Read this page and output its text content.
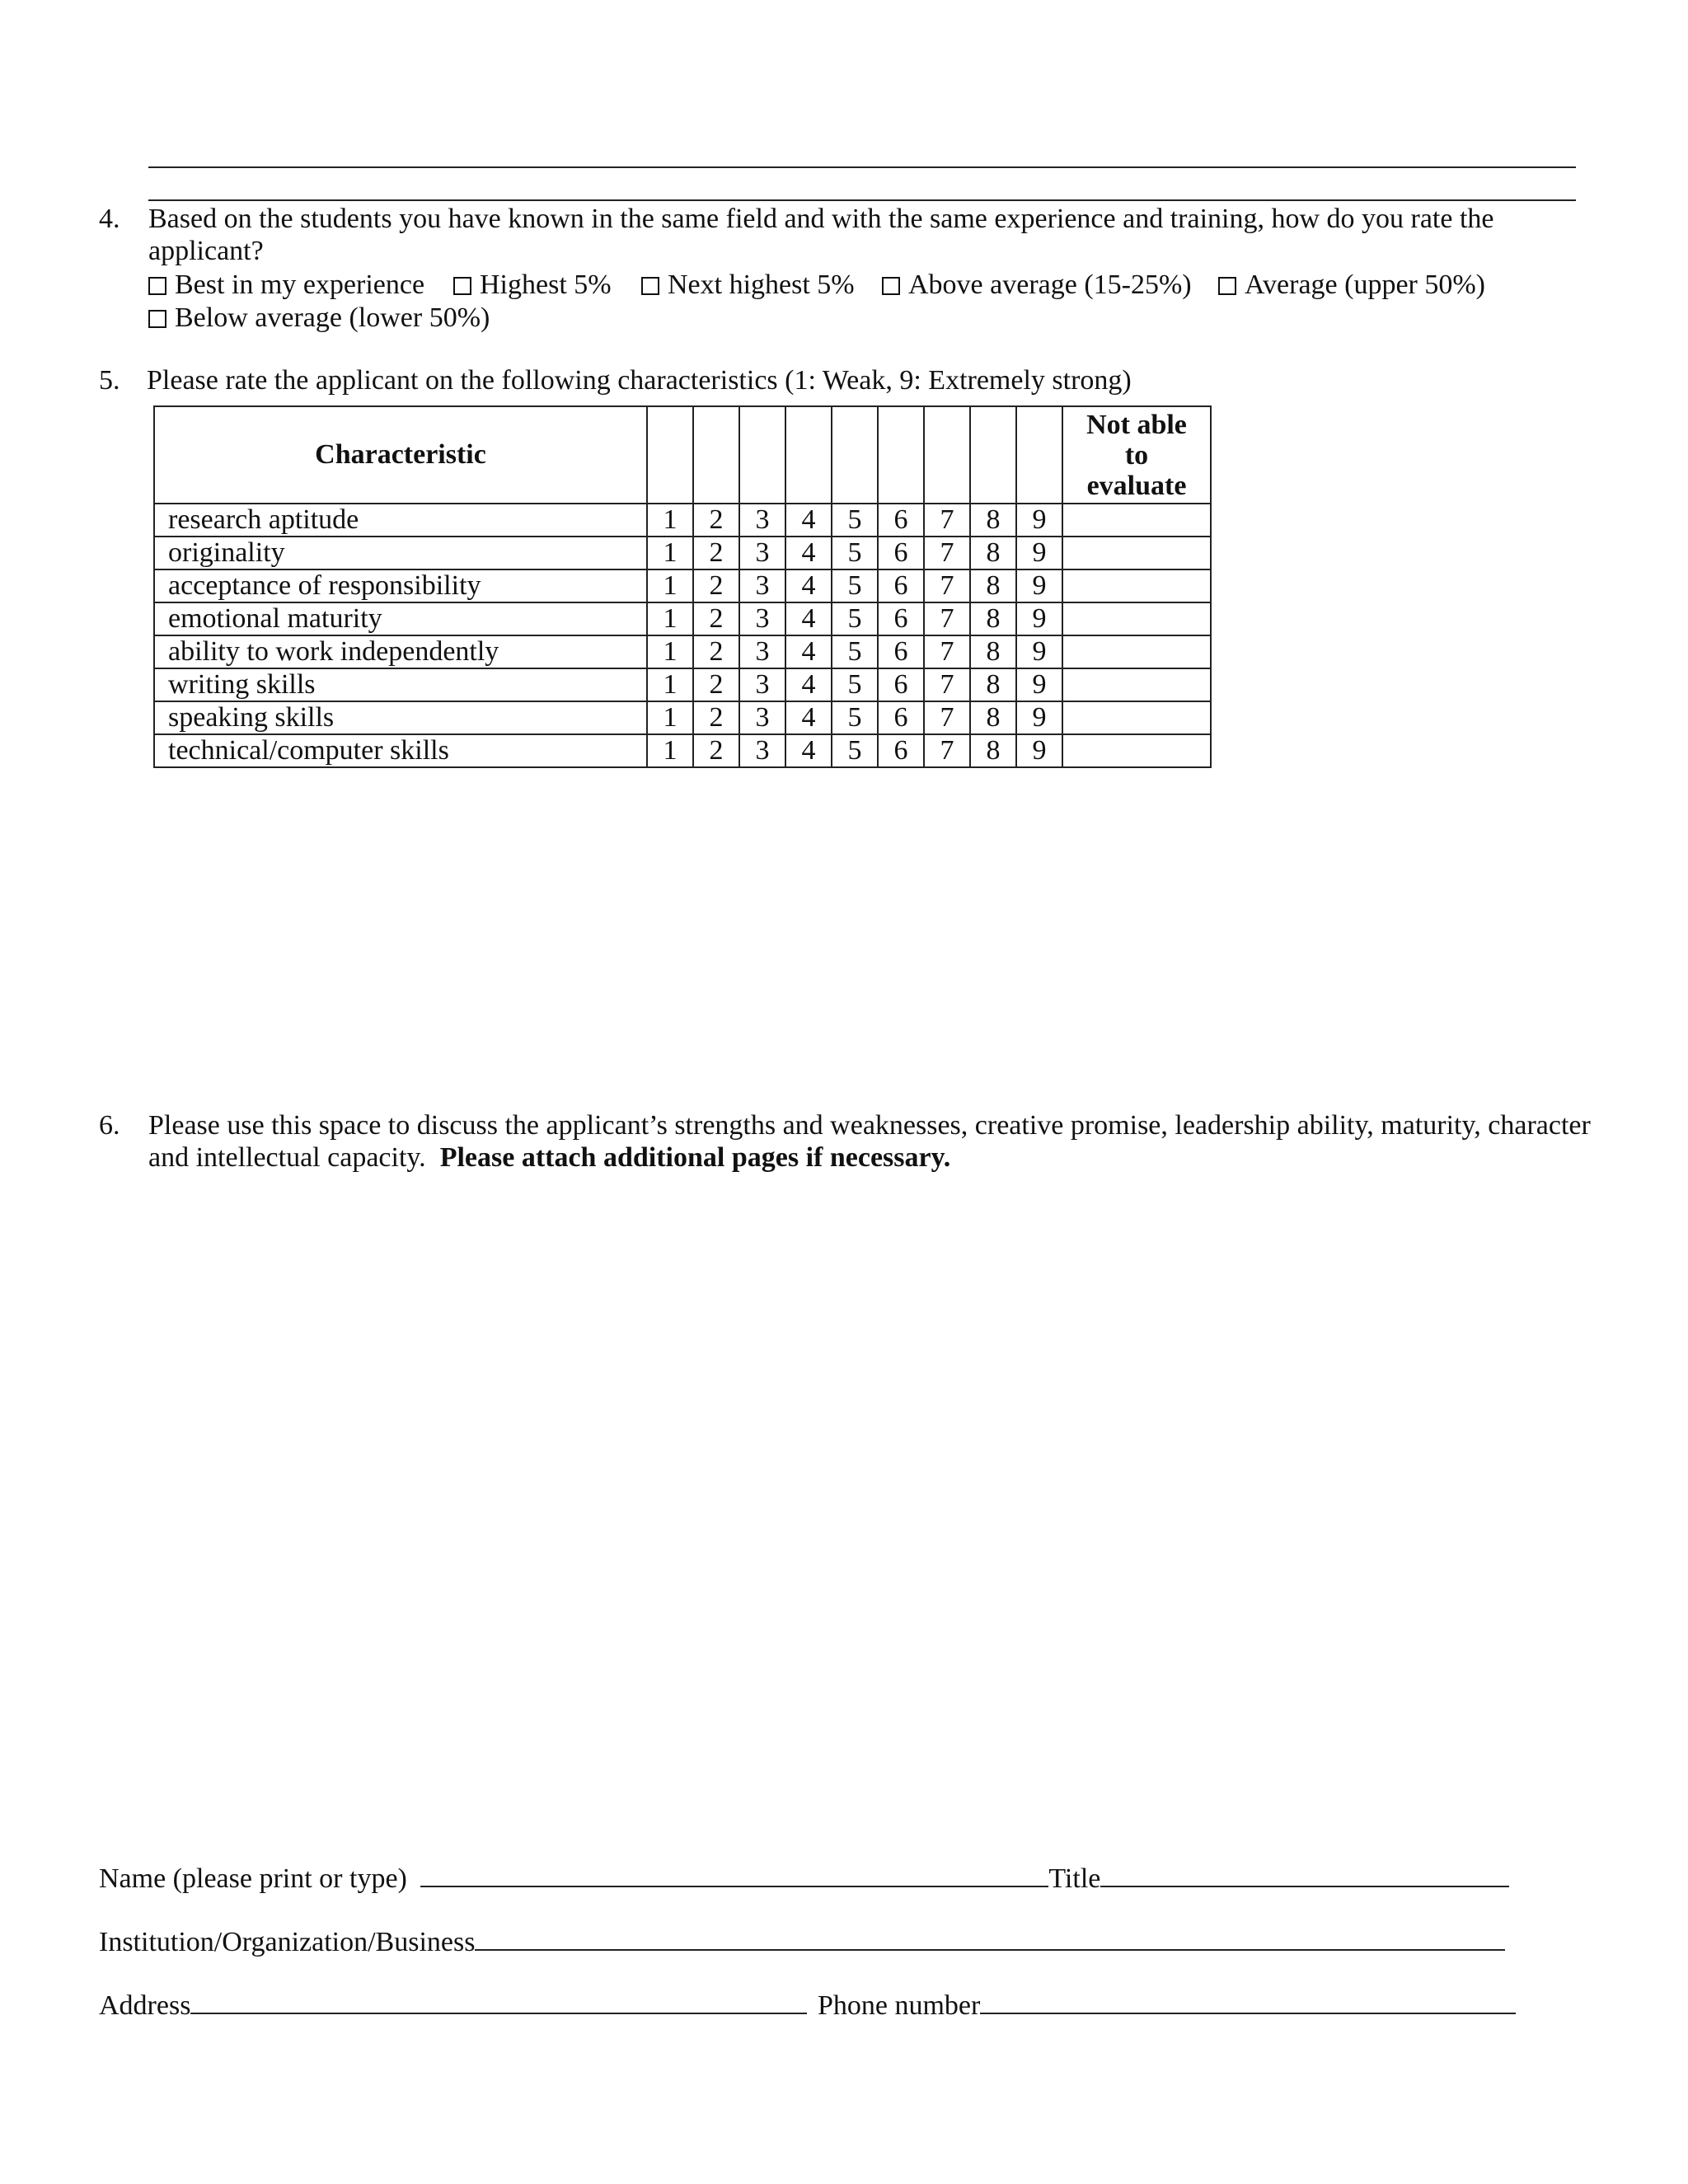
4. Based on the students you have known in the same field and with the same experience and training, how do you rate the
applicant?
Best in my experience	Highest 5%	Next highest 5%	Above average (15-25%)	Average (upper 50%)
Below average (lower 50%)
5. Please rate the applicant on the following characteristics (1: Weak, 9: Extremely strong)
Characteristic										Not able
to
evaluate

research aptitude	1	2	3	4	5	6	7	8	9	
originality	1	2	3	4	5	6	7	8	9	
acceptance of responsibility	1	2	3	4	5	6	7	8	9	
emotional maturity	1	2	3	4	5	6	7	8	9	
ability to work independently	1	2	3	4	5	6	7	8	9	
writing skills	1	2	3	4	5	6	7	8	9	
speaking skills	1	2	3	4	5	6	7	8	9	
technical/computer skills	1	2	3	4	5	6	7	8	9	
6. Please use this space to discuss the applicant’s strengths and weaknesses, creative promise, leadership ability, maturity, character
and intellectual capacity. Please attach additional pages if necessary.
Name (please print or type)	Title
Institution/Organization/Business
Address	Phone number
